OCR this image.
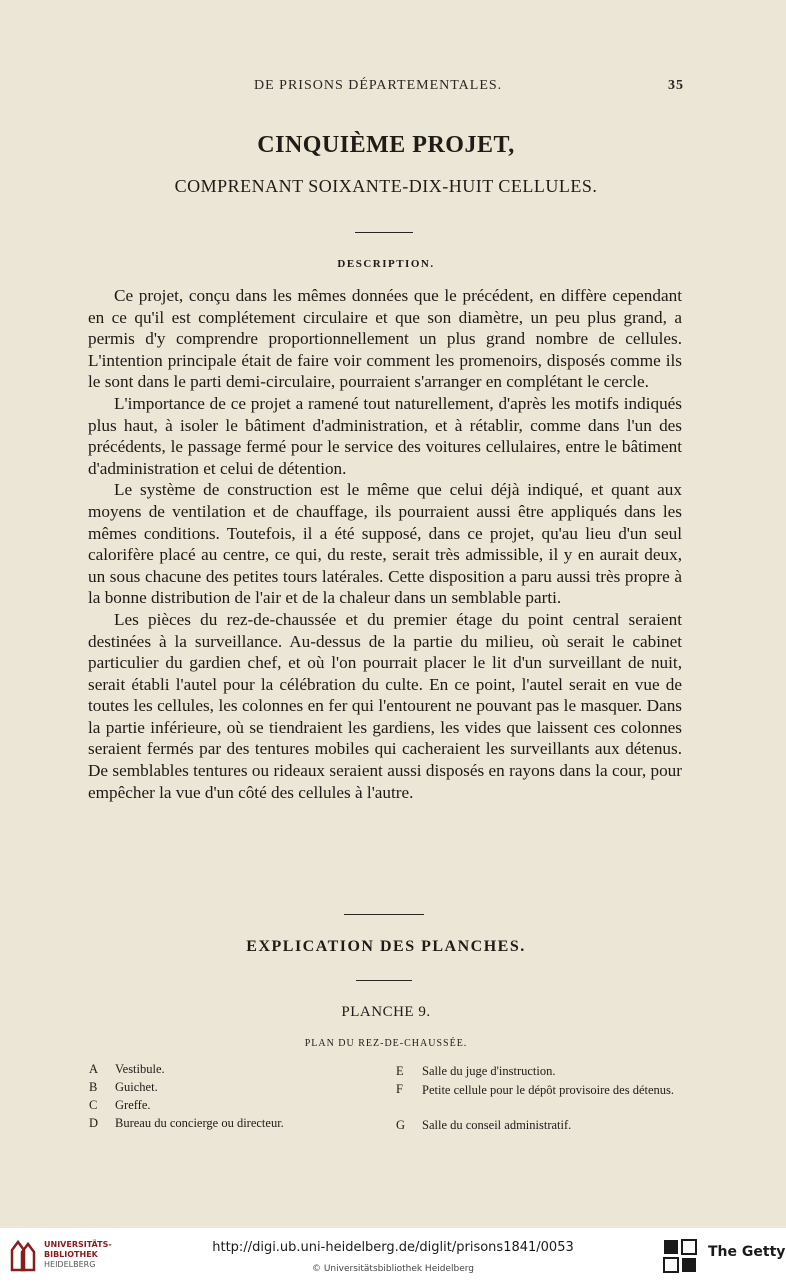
DE PRISONS DÉPARTEMENTALES.	35
CINQUIÈME PROJET,
COMPRENANT SOIXANTE-DIX-HUIT CELLULES.
DESCRIPTION.

Ce projet, conçu dans les mêmes données que le précédent, en diffère cependant en ce qu'il est complétement circulaire et que son diamètre, un peu plus grand, a permis d'y comprendre proportionnellement un plus grand nombre de cellules. L'intention principale était de faire voir comment les promenoirs, disposés comme ils le sont dans le parti demi-circulaire, pourraient s'arranger en complétant le cercle.

L'importance de ce projet a ramené tout naturellement, d'après les motifs indiqués plus haut, à isoler le bâtiment d'administration, et à rétablir, comme dans l'un des précédents, le passage fermé pour le service des voitures cellulaires, entre le bâtiment d'administration et celui de détention.

Le système de construction est le même que celui déjà indiqué, et quant aux moyens de ventilation et de chauffage, ils pourraient aussi être appliqués dans les mêmes conditions. Toutefois, il a été supposé, dans ce projet, qu'au lieu d'un seul calorifère placé au centre, ce qui, du reste, serait très admissible, il y en aurait deux, un sous chacune des petites tours latérales. Cette disposition a paru aussi très propre à la bonne distribution de l'air et de la chaleur dans un semblable parti.

Les pièces du rez-de-chaussée et du premier étage du point central seraient destinées à la surveillance. Au-dessus de la partie du milieu, où serait le cabinet particulier du gardien chef, et où l'on pourrait placer le lit d'un surveillant de nuit, serait établi l'autel pour la célébration du culte. En ce point, l'autel serait en vue de toutes les cellules, les colonnes en fer qui l'entourent ne pouvant pas le masquer. Dans la partie inférieure, où se tiendraient les gardiens, les vides que laissent ces colonnes seraient fermés par des tentures mobiles qui cacheraient les surveillants aux détenus. De semblables tentures ou rideaux seraient aussi disposés en rayons dans la cour, pour empêcher la vue d'un côté des cellules à l'autre.

EXPLICATION DES PLANCHES.
PLANCHE 9.
PLAN DU REZ-DE-CHAUSSÉE.
A Vestibule.
B Guichet.
C Greffe.
D Bureau du concierge ou directeur.
E Salle du juge d'instruction.
F Petite cellule pour le dépôt provisoire des détenus.
G Salle du conseil administratif.
UNIVERSITÄTS-
BIBLIOTHEK
HEIDELBERG
http://digi.ub.uni-heidelberg.de/diglit/prisons1841/0053
© Universitätsbibliothek Heidelberg
The Getty
